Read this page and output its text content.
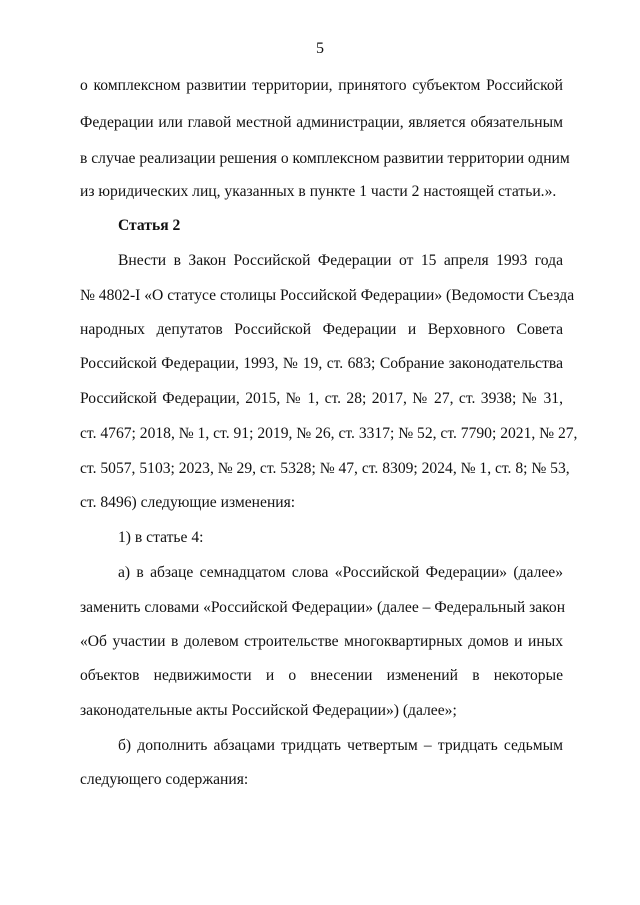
5
о комплексном развитии территории, принятого субъектом Российской
Федерации или главой местной администрации, является обязательным
в случае реализации решения о комплексном развитии территории одним
из юридических лиц, указанных в пункте 1 части 2 настоящей статьи.».
Статья 2
Внести в Закон Российской Федерации от 15 апреля 1993 года
№ 4802-I «О статусе столицы Российской Федерации» (Ведомости Съезда
народных депутатов Российской Федерации и Верховного Совета
Российской Федерации, 1993, № 19, ст. 683; Собрание законодательства
Российской Федерации, 2015, № 1, ст. 28; 2017, № 27, ст. 3938; № 31,
ст. 4767; 2018, № 1, ст. 91; 2019, № 26, ст. 3317; № 52, ст. 7790; 2021, № 27,
ст. 5057, 5103; 2023, № 29, ст. 5328; № 47, ст. 8309; 2024, № 1, ст. 8; № 53,
ст. 8496) следующие изменения:
1) в статье 4:
а) в абзаце семнадцатом слова «Российской Федерации» (далее»
заменить словами «Российской Федерации» (далее – Федеральный закон
«Об участии в долевом строительстве многоквартирных домов и иных
объектов недвижимости и о внесении изменений в некоторые
законодательные акты Российской Федерации») (далее»;
б) дополнить абзацами тридцать четвертым – тридцать седьмым
следующего содержания:
